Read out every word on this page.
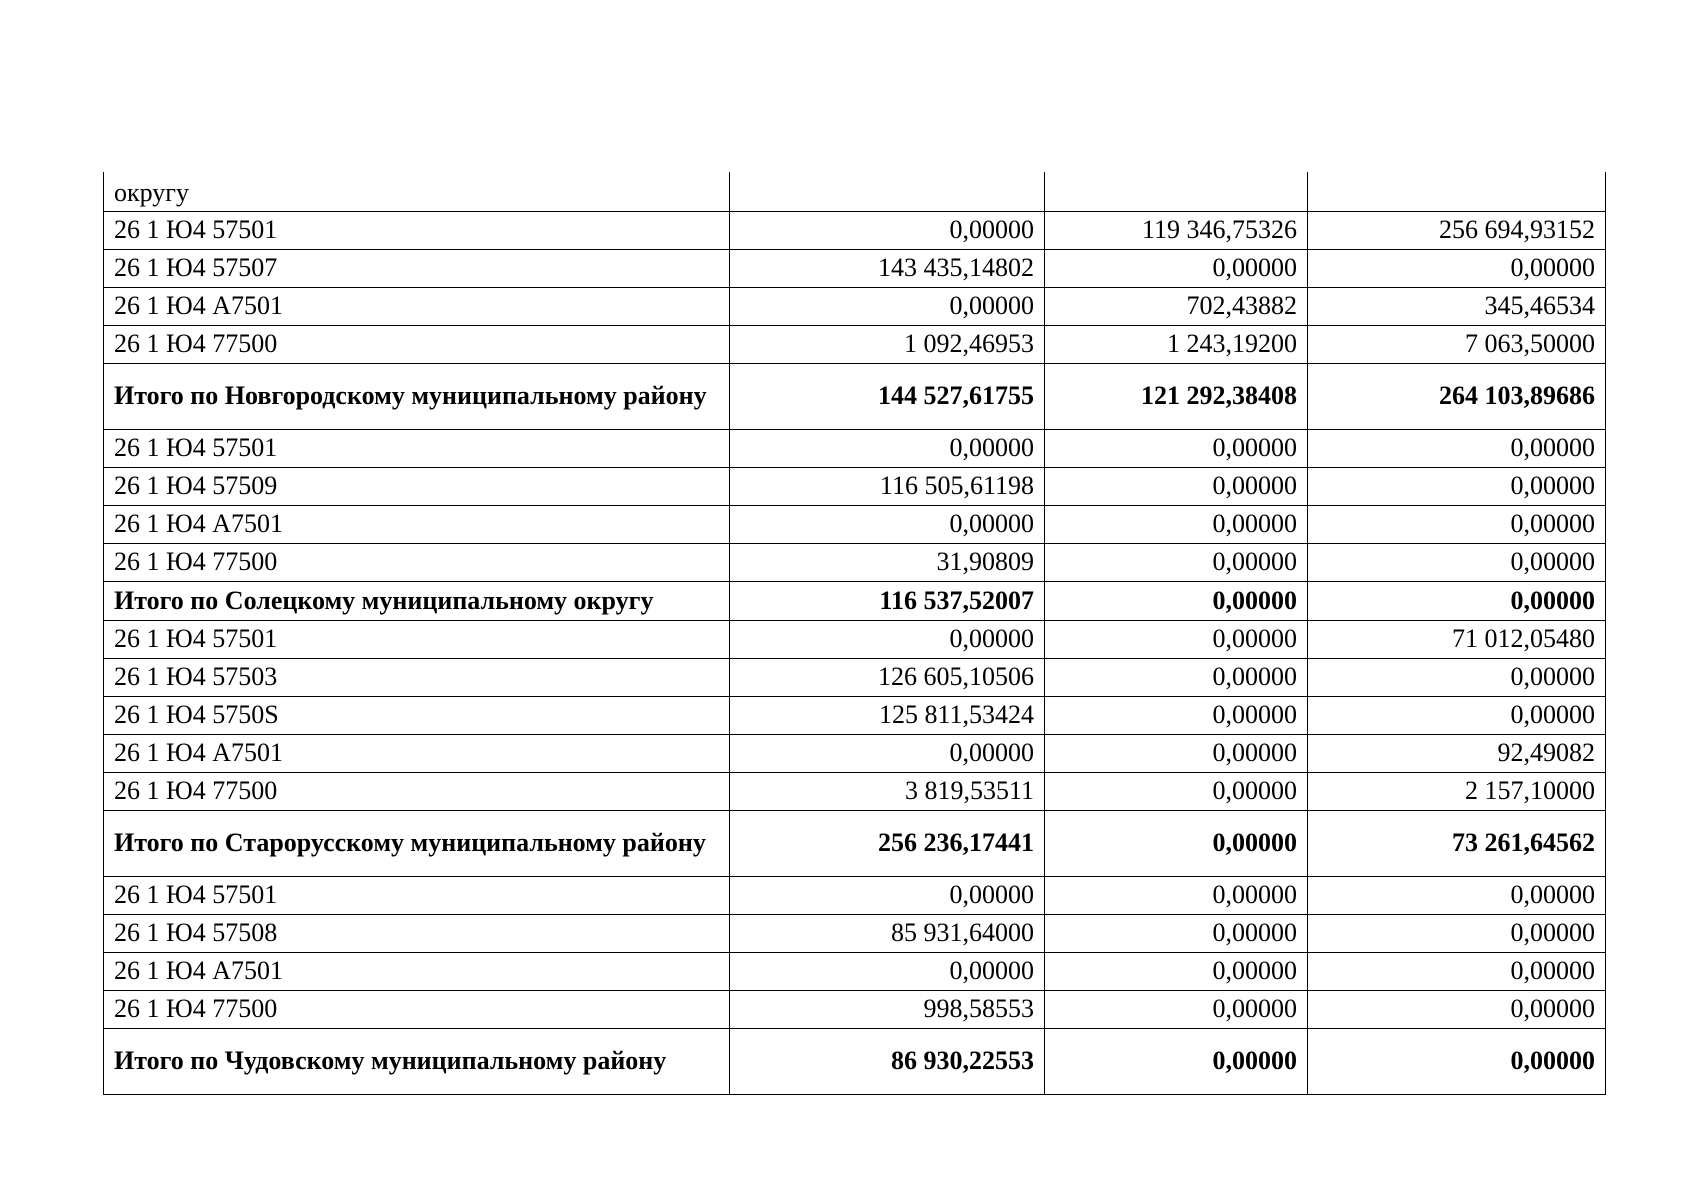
округу			
26 1 Ю4 57501	0,00000	119 346,75326	256 694,93152
26 1 Ю4 57507	143 435,14802	0,00000	0,00000
26 1 Ю4 А7501	0,00000	702,43882	345,46534
26 1 Ю4 77500	1 092,46953	1 243,19200	7 063,50000
Итого по Новгородскому муниципальному району	144 527,61755	121 292,38408	264 103,89686
26 1 Ю4 57501	0,00000	0,00000	0,00000
26 1 Ю4 57509	116 505,61198	0,00000	0,00000
26 1 Ю4 А7501	0,00000	0,00000	0,00000
26 1 Ю4 77500	31,90809	0,00000	0,00000
Итого по Солецкому муниципальному округу	116 537,52007	0,00000	0,00000
26 1 Ю4 57501	0,00000	0,00000	71 012,05480
26 1 Ю4 57503	126 605,10506	0,00000	0,00000
26 1 Ю4 5750S	125 811,53424	0,00000	0,00000
26 1 Ю4 А7501	0,00000	0,00000	92,49082
26 1 Ю4 77500	3 819,53511	0,00000	2 157,10000
Итого по Старорусскому муниципальному району	256 236,17441	0,00000	73 261,64562
26 1 Ю4 57501	0,00000	0,00000	0,00000
26 1 Ю4 57508	85 931,64000	0,00000	0,00000
26 1 Ю4 А7501	0,00000	0,00000	0,00000
26 1 Ю4 77500	998,58553	0,00000	0,00000
Итого по Чудовскому муниципальному району	86 930,22553	0,00000	0,00000
